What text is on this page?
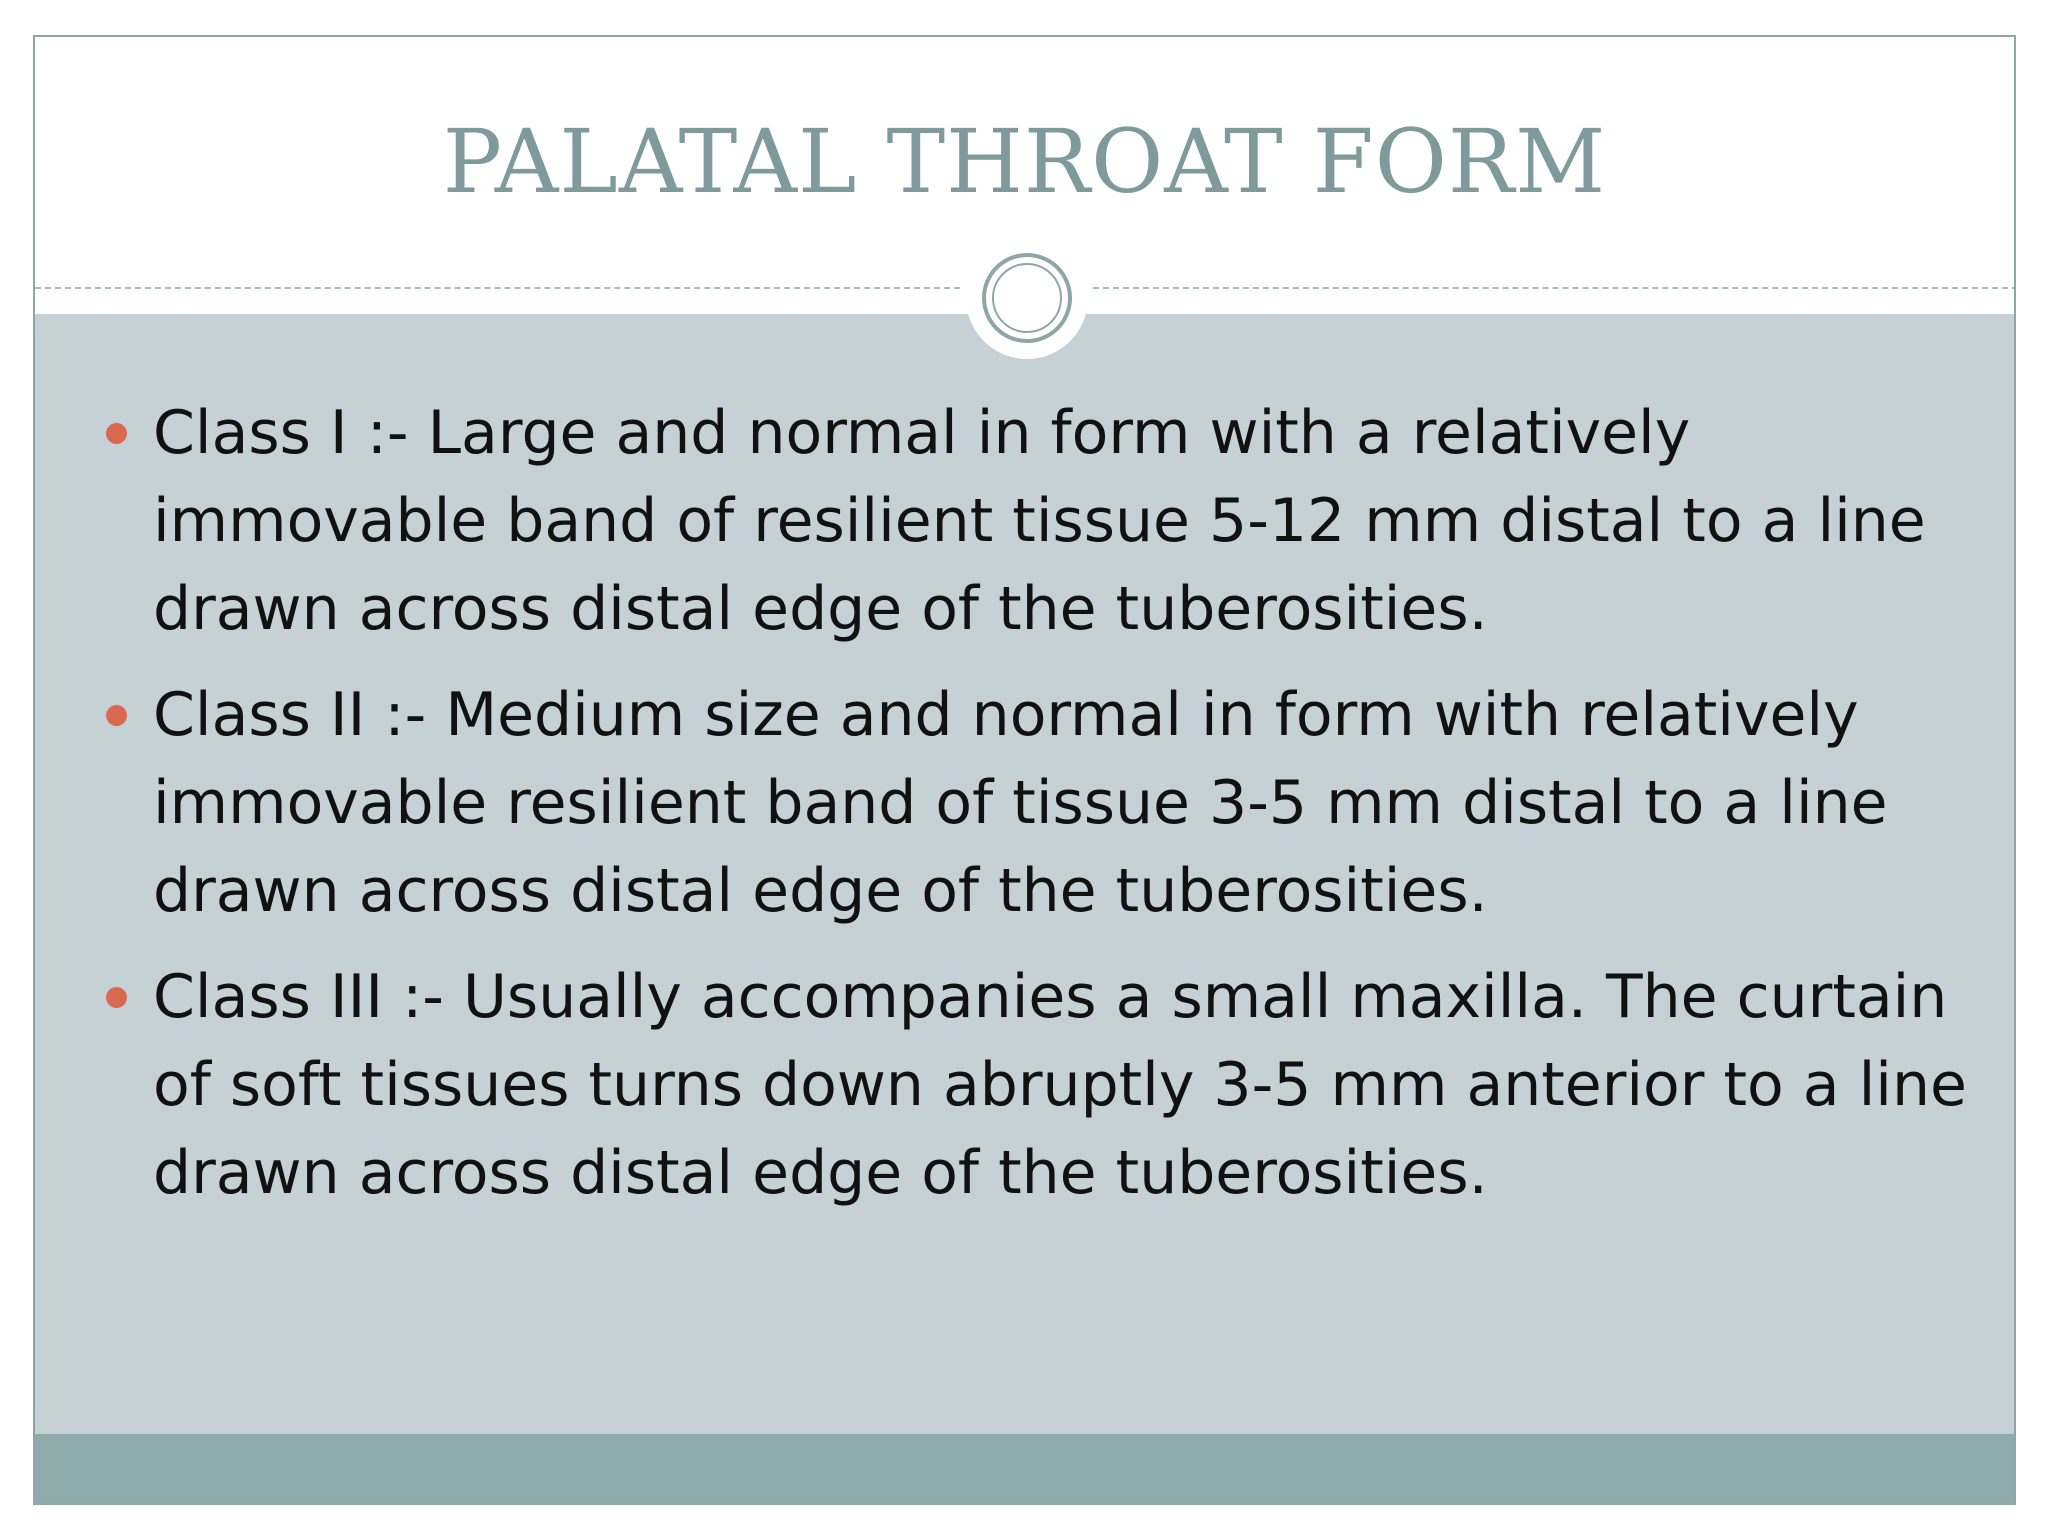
PALATAL THROAT FORM
Class I :- Large and normal in form with a relatively immovable band of resilient tissue 5-12 mm distal to a line drawn across distal edge of the tuberosities.
Class II :- Medium size and normal in form with relatively immovable resilient band of tissue 3-5 mm distal to a line drawn across distal edge of the tuberosities.
Class III :- Usually accompanies a small maxilla. The curtain of soft tissues turns down abruptly 3-5 mm anterior to a line drawn across distal edge of the tuberosities.
